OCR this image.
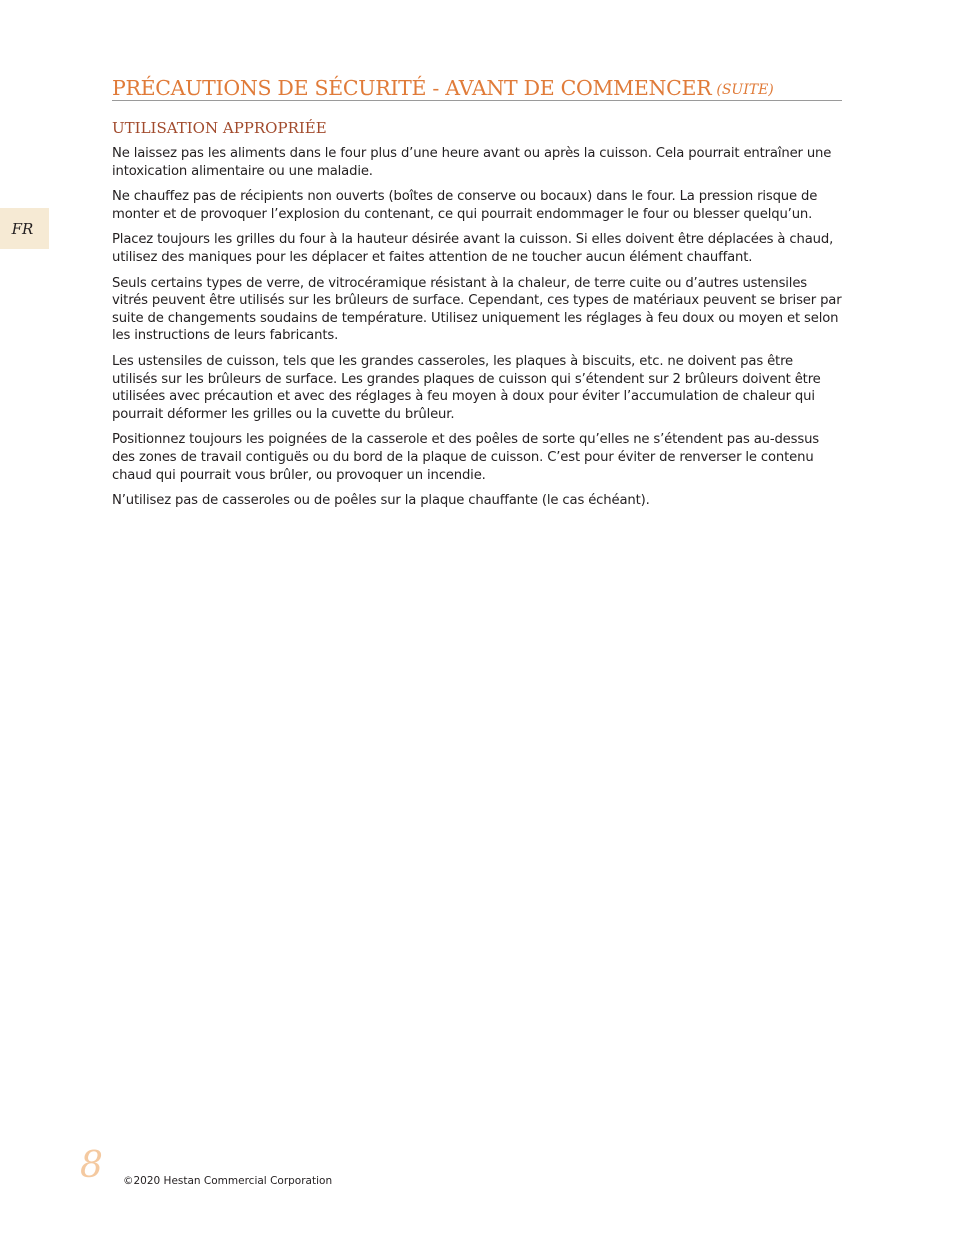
FR
PRÉCAUTIONS DE SÉCURITÉ - AVANT DE COMMENCER (SUITE)
UTILISATION APPROPRIÉE

Ne laissez pas les aliments dans le four plus d’une heure avant ou après la cuisson. Cela pourrait entraîner une intoxication alimentaire ou une maladie.

Ne chauffez pas de récipients non ouverts (boîtes de conserve ou bocaux) dans le four. La pression risque de monter et de provoquer l’explosion du contenant, ce qui pourrait endommager le four ou blesser quelqu’un.

Placez toujours les grilles du four à la hauteur désirée avant la cuisson. Si elles doivent être déplacées à chaud, utilisez des maniques pour les déplacer et faites attention de ne toucher aucun élément chauffant.

Seuls certains types de verre, de vitrocéramique résistant à la chaleur, de terre cuite ou d’autres ustensiles vitrés peuvent être utilisés sur les brûleurs de surface. Cependant, ces types de matériaux peuvent se briser par suite de changements soudains de température. Utilisez uniquement les réglages à feu doux ou moyen et selon les instructions de leurs fabricants.

Les ustensiles de cuisson, tels que les grandes casseroles, les plaques à biscuits, etc. ne doivent pas être utilisés sur les brûleurs de surface. Les grandes plaques de cuisson qui s’étendent sur 2 brûleurs doivent être utilisées avec précaution et avec des réglages à feu moyen à doux pour éviter l’accumulation de chaleur qui pourrait déformer les grilles ou la cuvette du brûleur.

Positionnez toujours les poignées de la casserole et des poêles de sorte qu’elles ne s’étendent pas au-dessus des zones de travail contiguës ou du bord de la plaque de cuisson. C’est pour éviter de renverser le contenu chaud qui pourrait vous brûler, ou provoquer un incendie.

N’utilisez pas de casseroles ou de poêles sur la plaque chauffante (le cas échéant).

8 ©2020 Hestan Commercial Corporation
